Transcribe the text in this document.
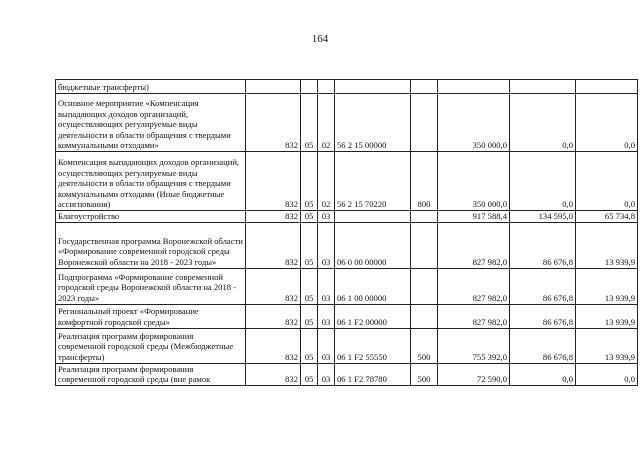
164
бюджетные трансферты)								
Основное мероприятие «Компенсация выпадающих доходов организаций, осуществляющих регулируемые виды деятельности в области обращения с твердыми коммунальными отходами»	832	05	02	56 2 15 00000		350 000,0	0,0	0,0
Компенсация выпадающих доходов организаций, осуществляющих регулируемые виды деятельности в области обращения с твердыми коммунальными отходами (Иные бюджетные ассигнования)	832	05	02	56 2 15 70220	800	350 000,0	0,0	0,0
Благоустройство	832	05	03			917 588,4	134 595,0	65 734,8
Государственная программа Воронежской области «Формирование современной городской среды Воронежской области на 2018 - 2023 годы»	832	05	03	06 0 00 00000		827 982,0	86 676,8	13 939,9
Подпрограмма «Формирование современной городской среды Воронежской области на 2018 - 2023 годы»	832	05	03	06 1 00 00000		827 982,0	86 676,8	13 939,9
Региональный проект «Формирование комфортной городской среды»	832	05	03	06 1 F2 00000		827 982,0	86 676,8	13 939,9
Реализация программ формирования современной городской среды (Межбюджетные трансферты)	832	05	03	06 1 F2 55550	500	755 392,0	86 676,8	13 939,9
Реализация программ формирования современной городской среды (вне рамок	832	05	03	06 1 F2 78780	500	72 590,0	0,0	0,0
